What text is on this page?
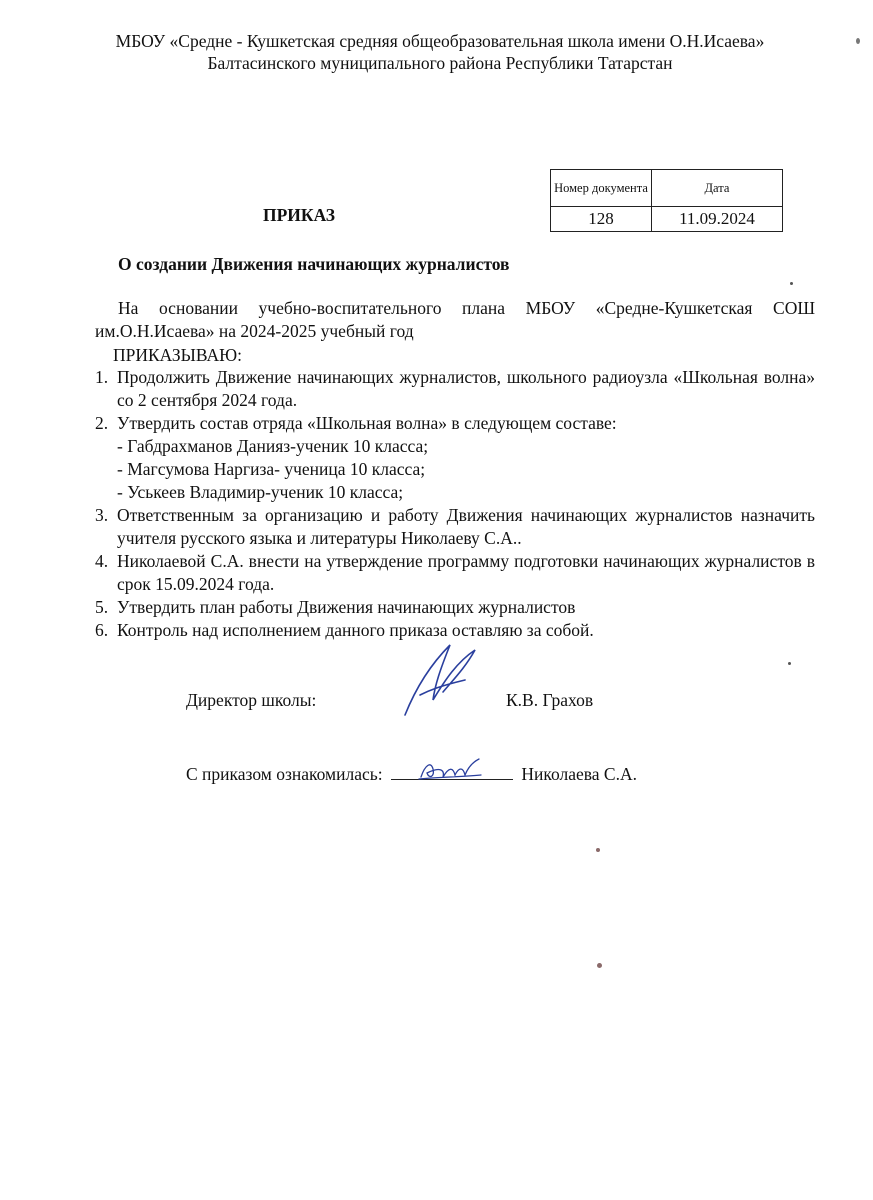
МБОУ «Средне - Кушкетская средняя общеобразовательная школа имени О.Н.Исаева»
Балтасинского муниципального района Республики Татарстан
Номер документа	Дата
128	11.09.2024
ПРИКАЗ
О создании Движения начинающих журналистов
На основании учебно-воспитательного плана МБОУ «Средне-Кушкетская СОШ им.О.Н.Исаева» на 2024-2025 учебный год
ПРИКАЗЫВАЮ:
1. Продолжить Движение начинающих журналистов, школьного радиоузла «Школьная волна» со 2 сентября 2024 года.
2. Утвердить состав отряда «Школьная волна» в следующем составе:
- Габдрахманов Данияз-ученик 10 класса;
- Магсумова Наргиза- ученица 10 класса;
- Уськеев Владимир-ученик 10 класса;
3. Ответственным за организацию и работу Движения начинающих журналистов назначить учителя русского языка и литературы Николаеву С.А..
4. Николаевой С.А. внести на утверждение программу подготовки начинающих журналистов в срок 15.09.2024 года.
5. Утвердить план работы Движения начинающих журналистов
6. Контроль над исполнением данного приказа оставляю за собой.
Директор школы:	К.В. Грахов
С приказом ознакомилась:	Николаева С.А.
